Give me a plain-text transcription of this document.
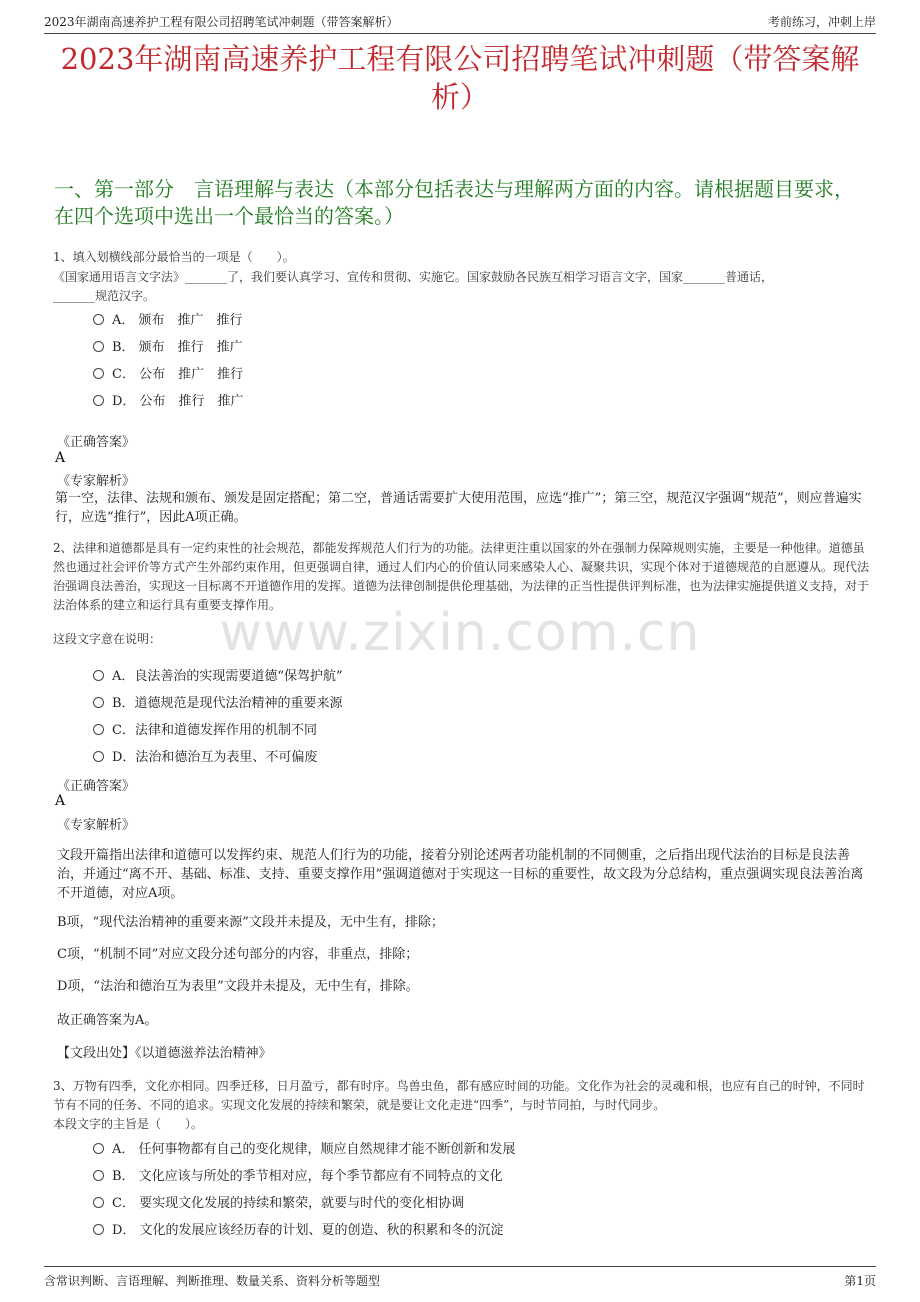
2023年湖南高速养护工程有限公司招聘笔试冲刺题（带答案解析）	考前练习，冲刺上岸
2023年湖南高速养护工程有限公司招聘笔试冲刺题（带答案解析）
一、第一部分　言语理解与表达（本部分包括表达与理解两方面的内容。请根据题目要求，在四个选项中选出一个最恰当的答案。）
1、填入划横线部分最恰当的一项是（　　）。
《国家通用语言文字法》_______了，我们要认真学习、宣传和贯彻、实施它。国家鼓励各民族互相学习语言文字，国家_______普通话，_______规范汉字。
A． 颁布　推广　推行
B． 颁布　推行　推广
C． 公布　推广　推行
D． 公布　推行　推广
《正确答案》
A
《专家解析》
第一空，法律、法规和颁布、颁发是固定搭配；第二空，普通话需要扩大使用范围，应选“推广”；第三空，规范汉字强调“规范”，则应普遍实行，应选“推行”，因此A项正确。
2、法律和道德都是具有一定约束性的社会规范，都能发挥规范人们行为的功能。法律更注重以国家的外在强制力保障规则实施，主要是一种他律。道德虽然也通过社会评价等方式产生外部约束作用，但更强调自律，通过人们内心的价值认同来感染人心、凝聚共识，实现个体对于道德规范的自愿遵从。现代法治强调良法善治，实现这一目标离不开道德作用的发挥。道德为法律创制提供伦理基础，为法律的正当性提供评判标准，也为法律实施提供道义支持，对于法治体系的建立和运行具有重要支撑作用。
这段文字意在说明：	www.zixin.com.cn
A．良法善治的实现需要道德“保驾护航”
B．道德规范是现代法治精神的重要来源
C．法律和道德发挥作用的机制不同
D．法治和德治互为表里、不可偏废
《正确答案》
A
《专家解析》
文段开篇指出法律和道德可以发挥约束、规范人们行为的功能，接着分别论述两者功能机制的不同侧重，之后指出现代法治的目标是良法善治，并通过“离不开、基础、标准、支持、重要支撑作用”强调道德对于实现这一目标的重要性，故文段为分总结构，重点强调实现良法善治离不开道德，对应A项。
B项，“现代法治精神的重要来源”文段并未提及，无中生有，排除；
C项，“机制不同”对应文段分述句部分的内容，非重点，排除；
D项，“法治和德治互为表里”文段并未提及，无中生有，排除。
故正确答案为A。
【文段出处】《以道德滋养法治精神》
3、万物有四季，文化亦相同。四季迁移，日月盈亏，都有时序。鸟兽虫鱼，都有感应时间的功能。文化作为社会的灵魂和根，也应有自己的时钟，不同时节有不同的任务、不同的追求。实现文化发展的持续和繁荣，就是要让文化走进“四季”，与时节同拍，与时代同步。
本段文字的主旨是（　　）。
A． 任何事物都有自己的变化规律，顺应自然规律才能不断创新和发展
B． 文化应该与所处的季节相对应，每个季节都应有不同特点的文化
C． 要实现文化发展的持续和繁荣，就要与时代的变化相协调
D． 文化的发展应该经历春的计划、夏的创造、秋的积累和冬的沉淀
含常识判断、言语理解、判断推理、数量关系、资料分析等题型	第1页
